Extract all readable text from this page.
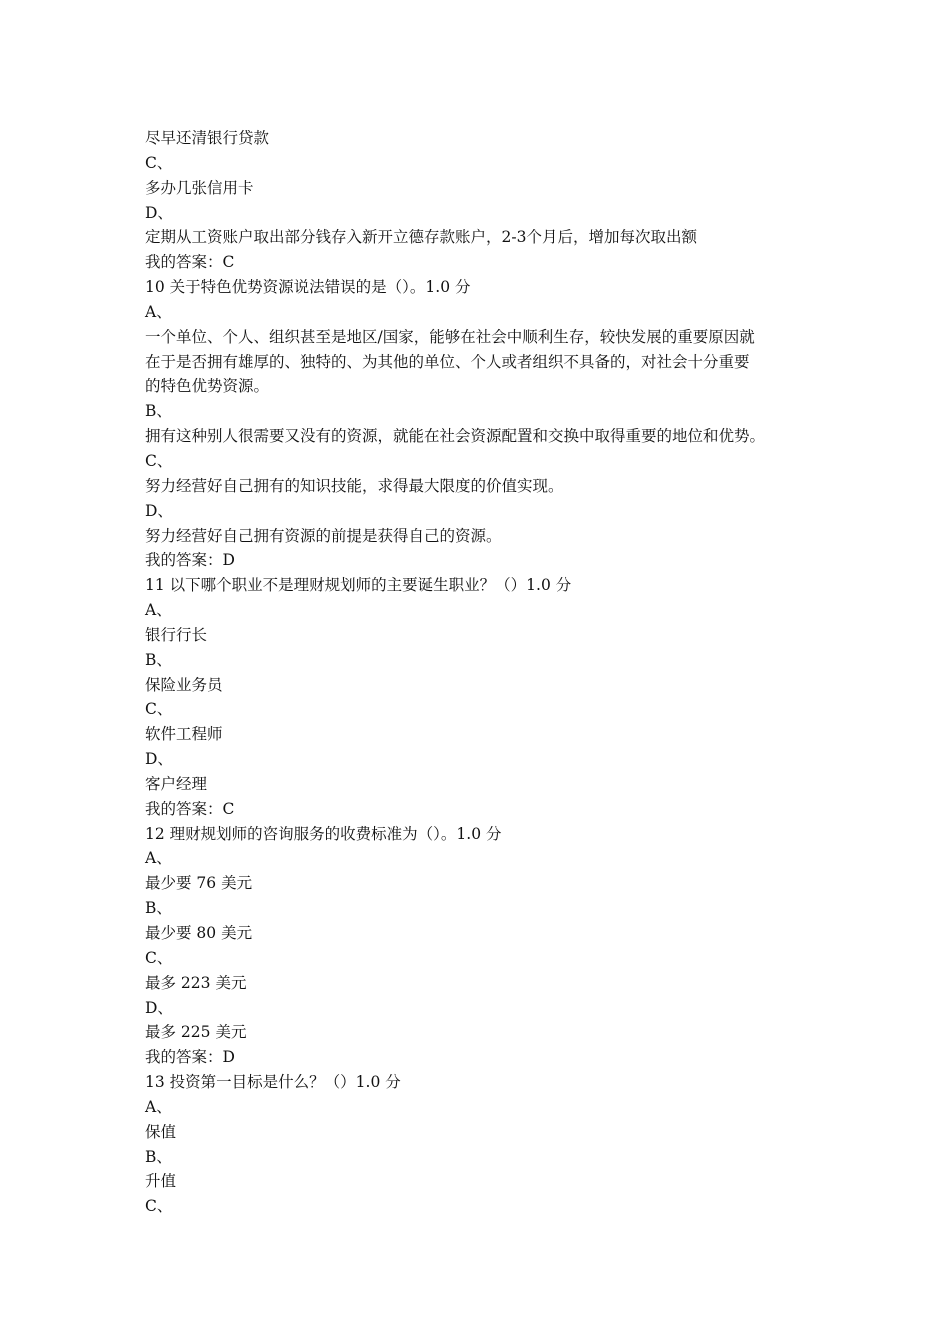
尽早还清银行贷款
C、
多办几张信用卡
D、
定期从工资账户取出部分钱存入新开立德存款账户，2-3个月后，增加每次取出额
我的答案：C
10 关于特色优势资源说法错误的是（）。1.0 分
A、
一个单位、个人、组织甚至是地区/国家，能够在社会中顺利生存，较快发展的重要原因就
在于是否拥有雄厚的、独特的、为其他的单位、个人或者组织不具备的，对社会十分重要
的特色优势资源。
B、
拥有这种别人很需要又没有的资源，就能在社会资源配置和交换中取得重要的地位和优势。
C、
努力经营好自己拥有的知识技能，求得最大限度的价值实现。
D、
努力经营好自己拥有资源的前提是获得自己的资源。
我的答案：D
11 以下哪个职业不是理财规划师的主要诞生职业？（）1.0 分
A、
银行行长
B、
保险业务员
C、
软件工程师
D、
客户经理
我的答案：C
12 理财规划师的咨询服务的收费标准为（）。1.0 分
A、
最少要 76 美元
B、
最少要 80 美元
C、
最多 223 美元
D、
最多 225 美元
我的答案：D
13 投资第一目标是什么？（）1.0 分
A、
保值
B、
升值
C、
